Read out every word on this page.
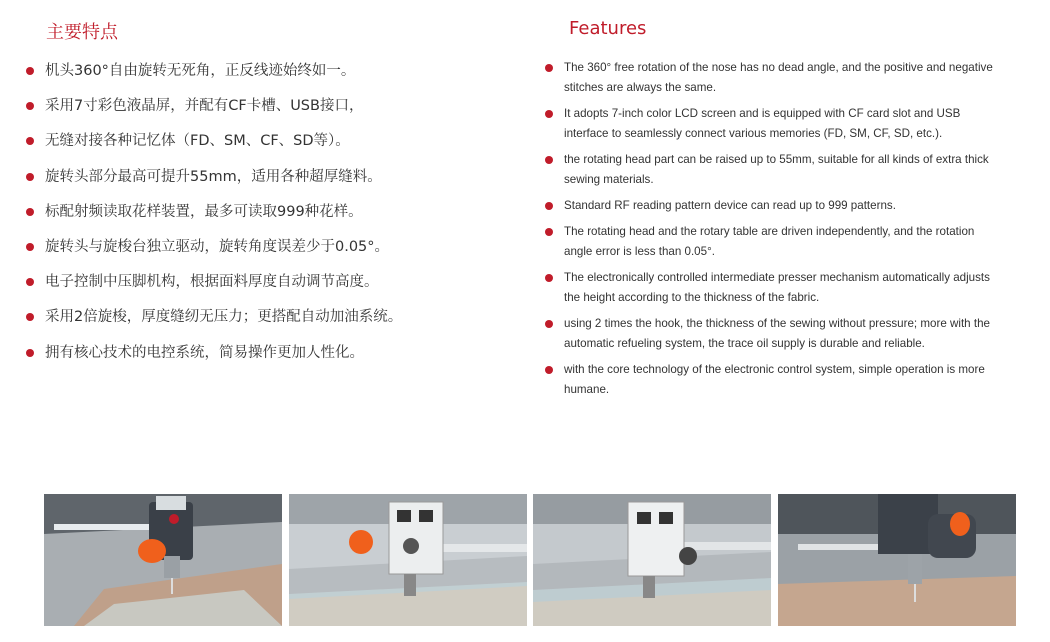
主要特点	Features
机头360°自由旋转无死角，正反线迹始终如一。
采用7寸彩色液晶屏，并配有CF卡槽、USB接口，
无缝对接各种记忆体（FD、SM、CF、SD等）。
旋转头部分最高可提升55mm，适用各种超厚缝料。
标配射频读取花样装置，最多可读取999种花样。
旋转头与旋梭台独立驱动，旋转角度误差少于0.05°。
电子控制中压脚机构，根据面料厚度自动调节高度。
采用2倍旋梭，厚度缝纫无压力；更搭配自动加油系统。
拥有核心技术的电控系统，简易操作更加人性化。
The 360° free rotation of the nose has no dead angle, and the positive and negative
stitches are always the same.
It adopts 7-inch color LCD screen and is equipped with CF card slot and USB
interface to seamlessly connect various memories (FD, SM, CF, SD, etc.).
the rotating head part can be raised up to 55mm, suitable for all kinds of extra thick
sewing materials.
Standard RF reading pattern device can read up to 999 patterns.
The rotating head and the rotary table are driven independently, and the rotation
angle error is less than 0.05°.
The electronically controlled intermediate presser mechanism automatically adjusts
the height according to the thickness of the fabric.
using 2 times the hook, the thickness of the sewing without pressure; more with the
automatic refueling system, the trace oil supply is durable and reliable.
with the core technology of the electronic control system, simple operation is more
humane.
